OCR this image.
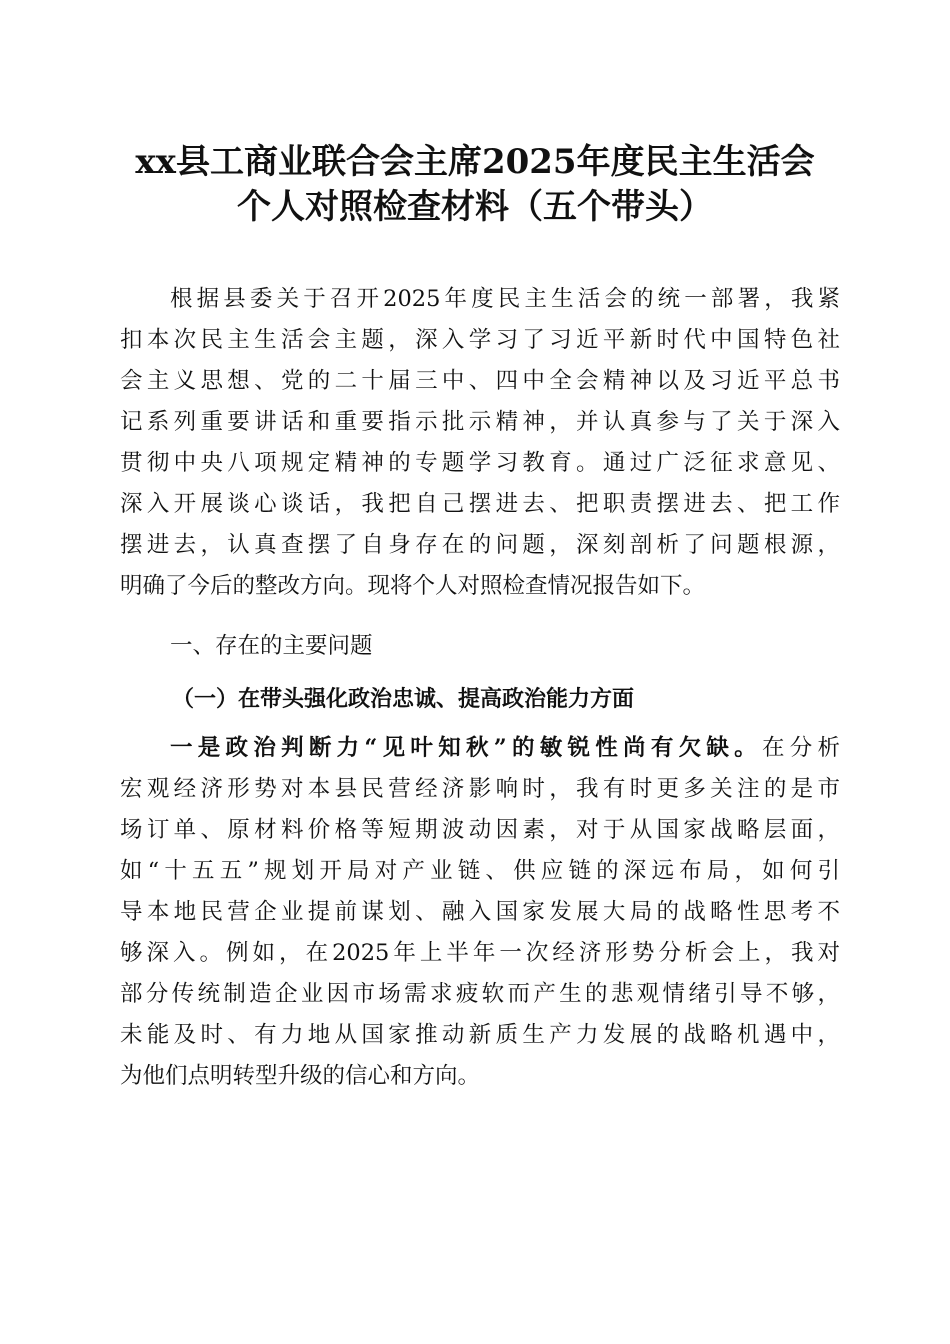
xx县工商业联合会主席2025年度民主生活会
个人对照检查材料（五个带头）
根据县委关于召开2025年度民主生活会的统一部署，我紧
扣本次民主生活会主题，深入学习了习近平新时代中国特色社
会主义思想、党的二十届三中、四中全会精神以及习近平总书
记系列重要讲话和重要指示批示精神，并认真参与了关于深入
贯彻中央八项规定精神的专题学习教育。通过广泛征求意见、
深入开展谈心谈话，我把自己摆进去、把职责摆进去、把工作
摆进去，认真查摆了自身存在的问题，深刻剖析了问题根源，
明确了今后的整改方向。现将个人对照检查情况报告如下。
一、存在的主要问题
（一）在带头强化政治忠诚、提高政治能力方面
一是政治判断力“见叶知秋”的敏锐性尚有欠缺。在分析
宏观经济形势对本县民营经济影响时，我有时更多关注的是市
场订单、原材料价格等短期波动因素，对于从国家战略层面，
如“十五五”规划开局对产业链、供应链的深远布局，如何引
导本地民营企业提前谋划、融入国家发展大局的战略性思考不
够深入。例如，在2025年上半年一次经济形势分析会上，我对
部分传统制造企业因市场需求疲软而产生的悲观情绪引导不够，
未能及时、有力地从国家推动新质生产力发展的战略机遇中，
为他们点明转型升级的信心和方向。
